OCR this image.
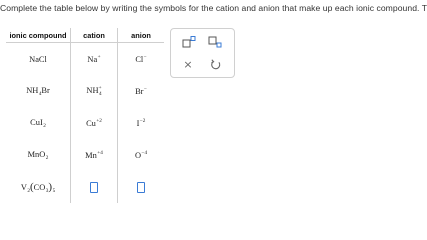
Complete the table below by writing the symbols for the cation and anion that make up each ionic compound. T
ionic compound	cation	anion
NaCl	Na+	Cl−
$NH_4Br$	$NH_4^+$	Br−
CuI$_2$	$Cu^{+2}$	$I^{-2}$
MnO$_2$	$Mn^{+4}$	$O^{-4}$
$V_2(CO_3)_5$		
×
